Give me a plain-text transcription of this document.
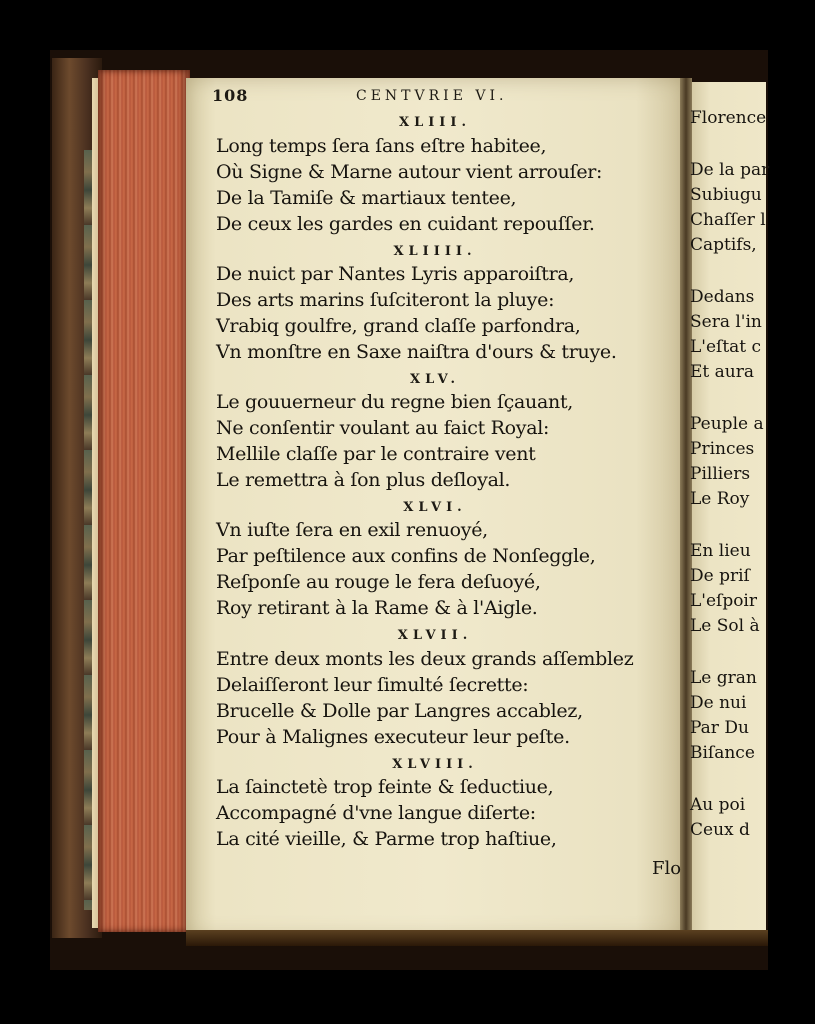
108	CENTVRIE VI.
XLIII.
Long temps ſera ſans eſtre habitee,
Où Signe & Marne autour vient arrouſer:
De la Tamiſe & martiaux tentee,
De ceux les gardes en cuidant repouſſer.
XLIIII.
De nuict par Nantes Lyris apparoiſtra,
Des arts marins ſuſciteront la pluye:
Vrabiq goulfre, grand claſſe parfondra,
Vn monſtre en Saxe naiſtra d'ours & truye.
XLV.
Le gouuerneur du regne bien ſçauant,
Ne conſentir voulant au faict Royal:
Mellile claſſe par le contraire vent
Le remettra à ſon plus deſloyal.
XLVI.
Vn iuſte ſera en exil renuoyé,
Par peſtilence aux confins de Nonſeggle,
Reſponſe au rouge le fera deſuoyé,
Roy retirant à la Rame & à l'Aigle.
XLVII.
Entre deux monts les deux grands aſſemblez
Delaiſſeront leur ſimulté ſecrette:
Brucelle & Dolle par Langres accablez,
Pour à Malignes executeur leur peſte.
XLVIII.
La ſainctetè trop feinte & ſeductiue,
Accompagné d'vne langue diſerte:
La cité vieille, & Parme trop haſtiue,
Flo
Florence
De la par
Subiugu
Chaſſer l
Captifs,
Dedans
Sera l'in
L'eſtat c
Et aura
Peuple a
Princes
Pilliers
Le Roy
En lieu
De priſ
L'eſpoir
Le Sol à
Le gran
De nui
Par Du
Biſance
Au poi
Ceux d
